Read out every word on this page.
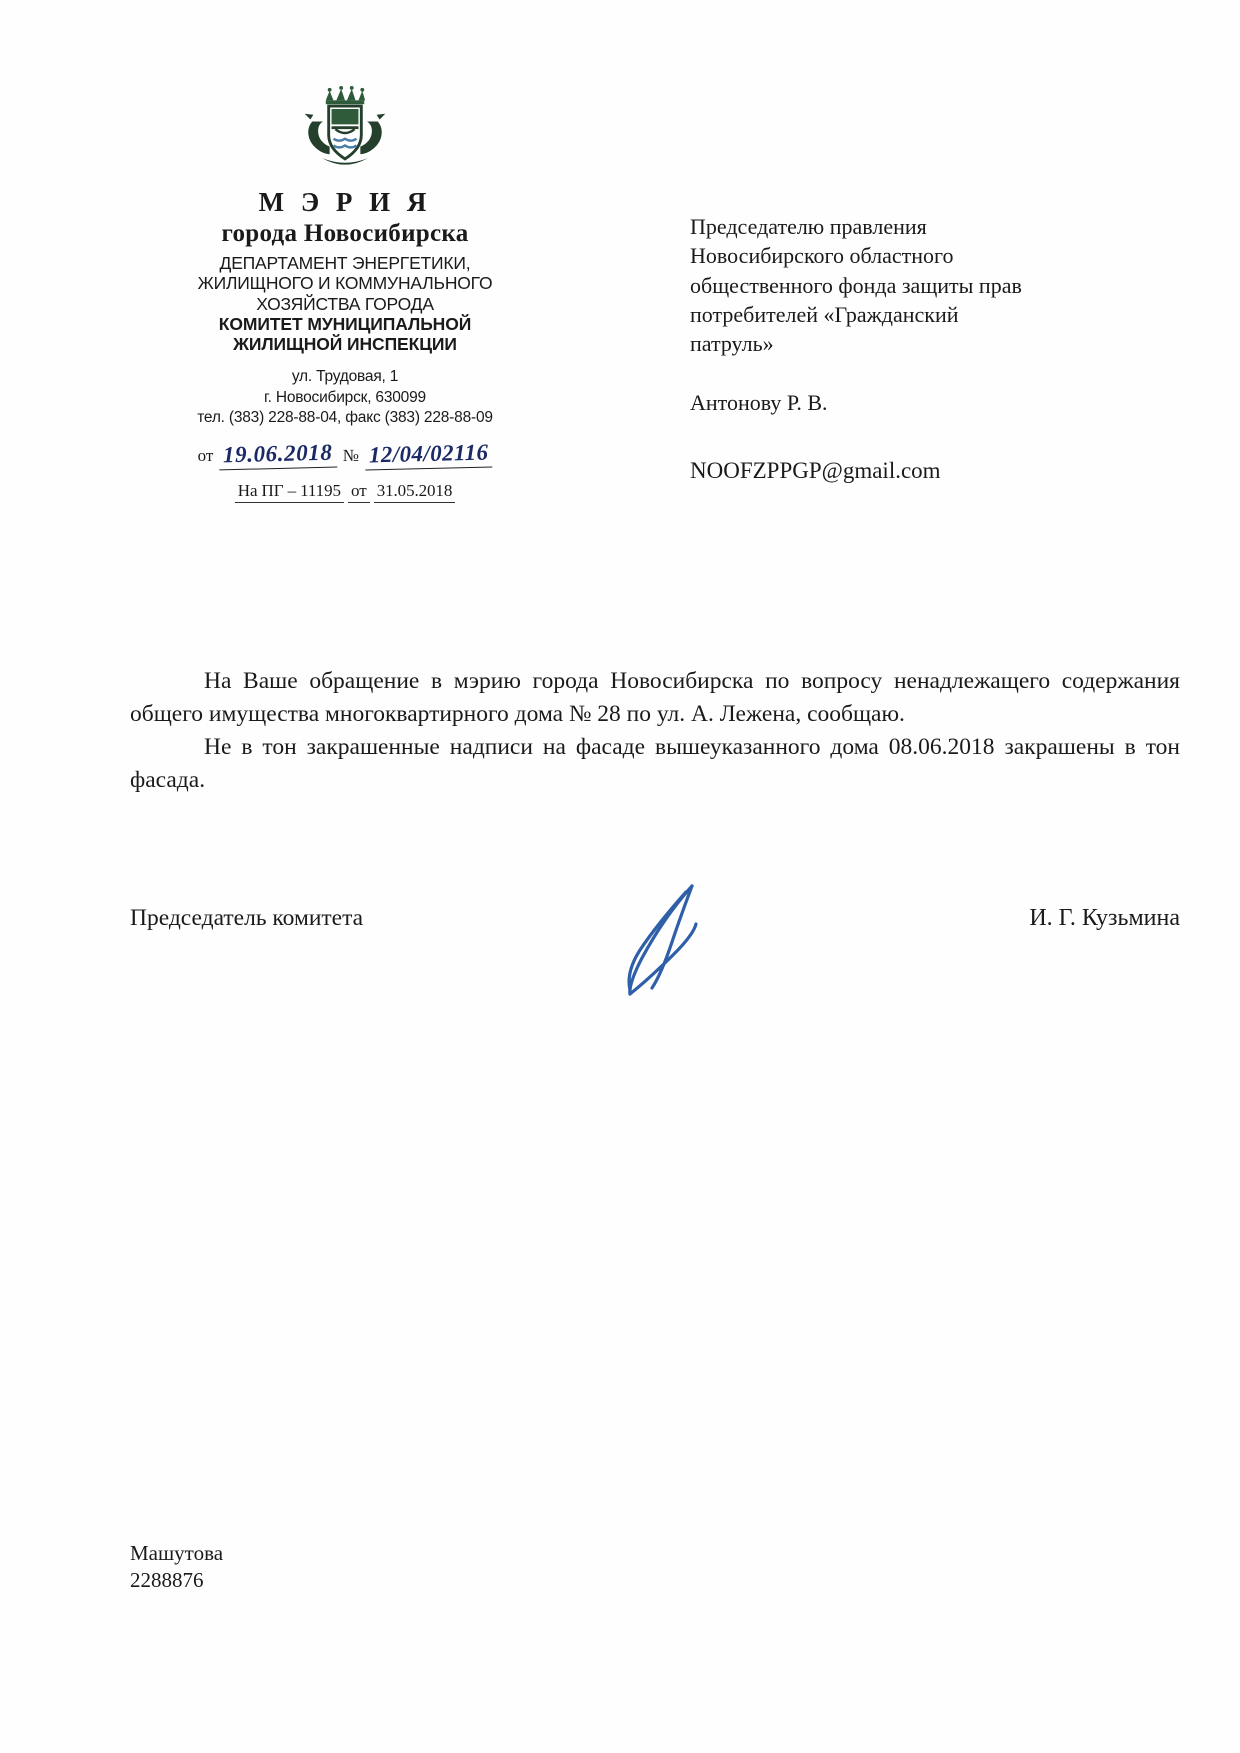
М Э Р И Я
города Новосибирска
ДЕПАРТАМЕНТ ЭНЕРГЕТИКИ,
ЖИЛИЩНОГО И КОММУНАЛЬНОГО
ХОЗЯЙСТВА ГОРОДА
КОМИТЕТ МУНИЦИПАЛЬНОЙ
ЖИЛИЩНОЙ ИНСПЕКЦИИ
ул. Трудовая, 1
г. Новосибирск, 630099
тел. (383) 228-88-04, факс (383) 228-88-09
от 19.06.2018 № 12/04/02116
На ПГ – 11195 от 31.05.2018

Председателю правления

Новосибирского областного

общественного фонда защиты прав

потребителей «Гражданский

патруль»

Антонову Р. В.

NOOFZPPGP@gmail.com

На Ваше обращение в мэрию города Новосибирска по вопросу ненадлежащего содержания общего имущества многоквартирного дома № 28 по ул. А. Лежена, сообщаю.

Не в тон закрашенные надписи на фасаде вышеуказанного дома 08.06.2018 закрашены в тон фасада.

Председатель комитета	И. Г. Кузьмина
Машутова
2288876
